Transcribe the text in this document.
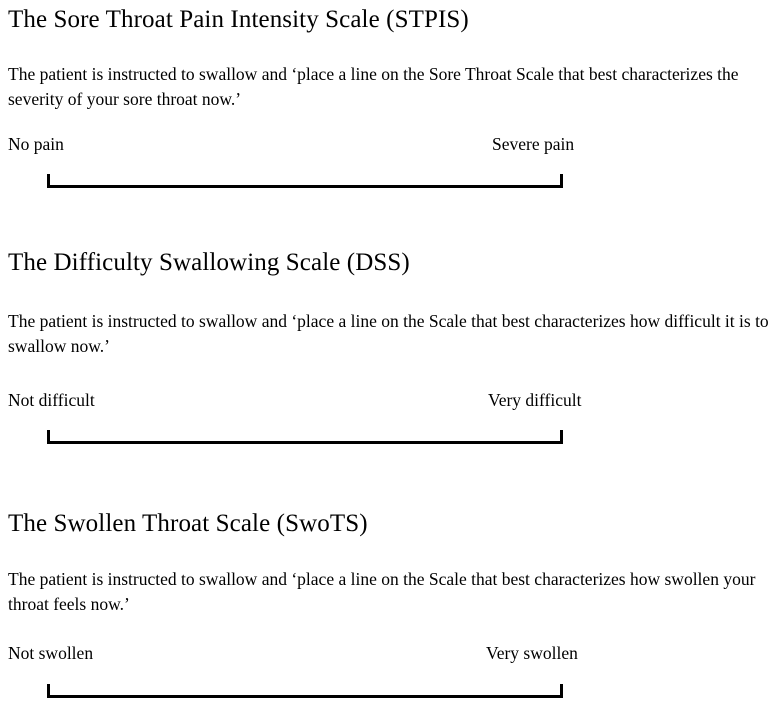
The Sore Throat Pain Intensity Scale (STPIS)
The patient is instructed to swallow and ‘place a line on the Sore Throat Scale that best characterizes the severity of your sore throat now.’
No pain	Severe pain
The Difficulty Swallowing Scale (DSS)
The patient is instructed to swallow and ‘place a line on the Scale that best characterizes how difficult it is to swallow now.’
Not difficult	Very difficult
The Swollen Throat Scale (SwoTS)
The patient is instructed to swallow and ‘place a line on the Scale that best characterizes how swollen your throat feels now.’
Not swollen	Very swollen
